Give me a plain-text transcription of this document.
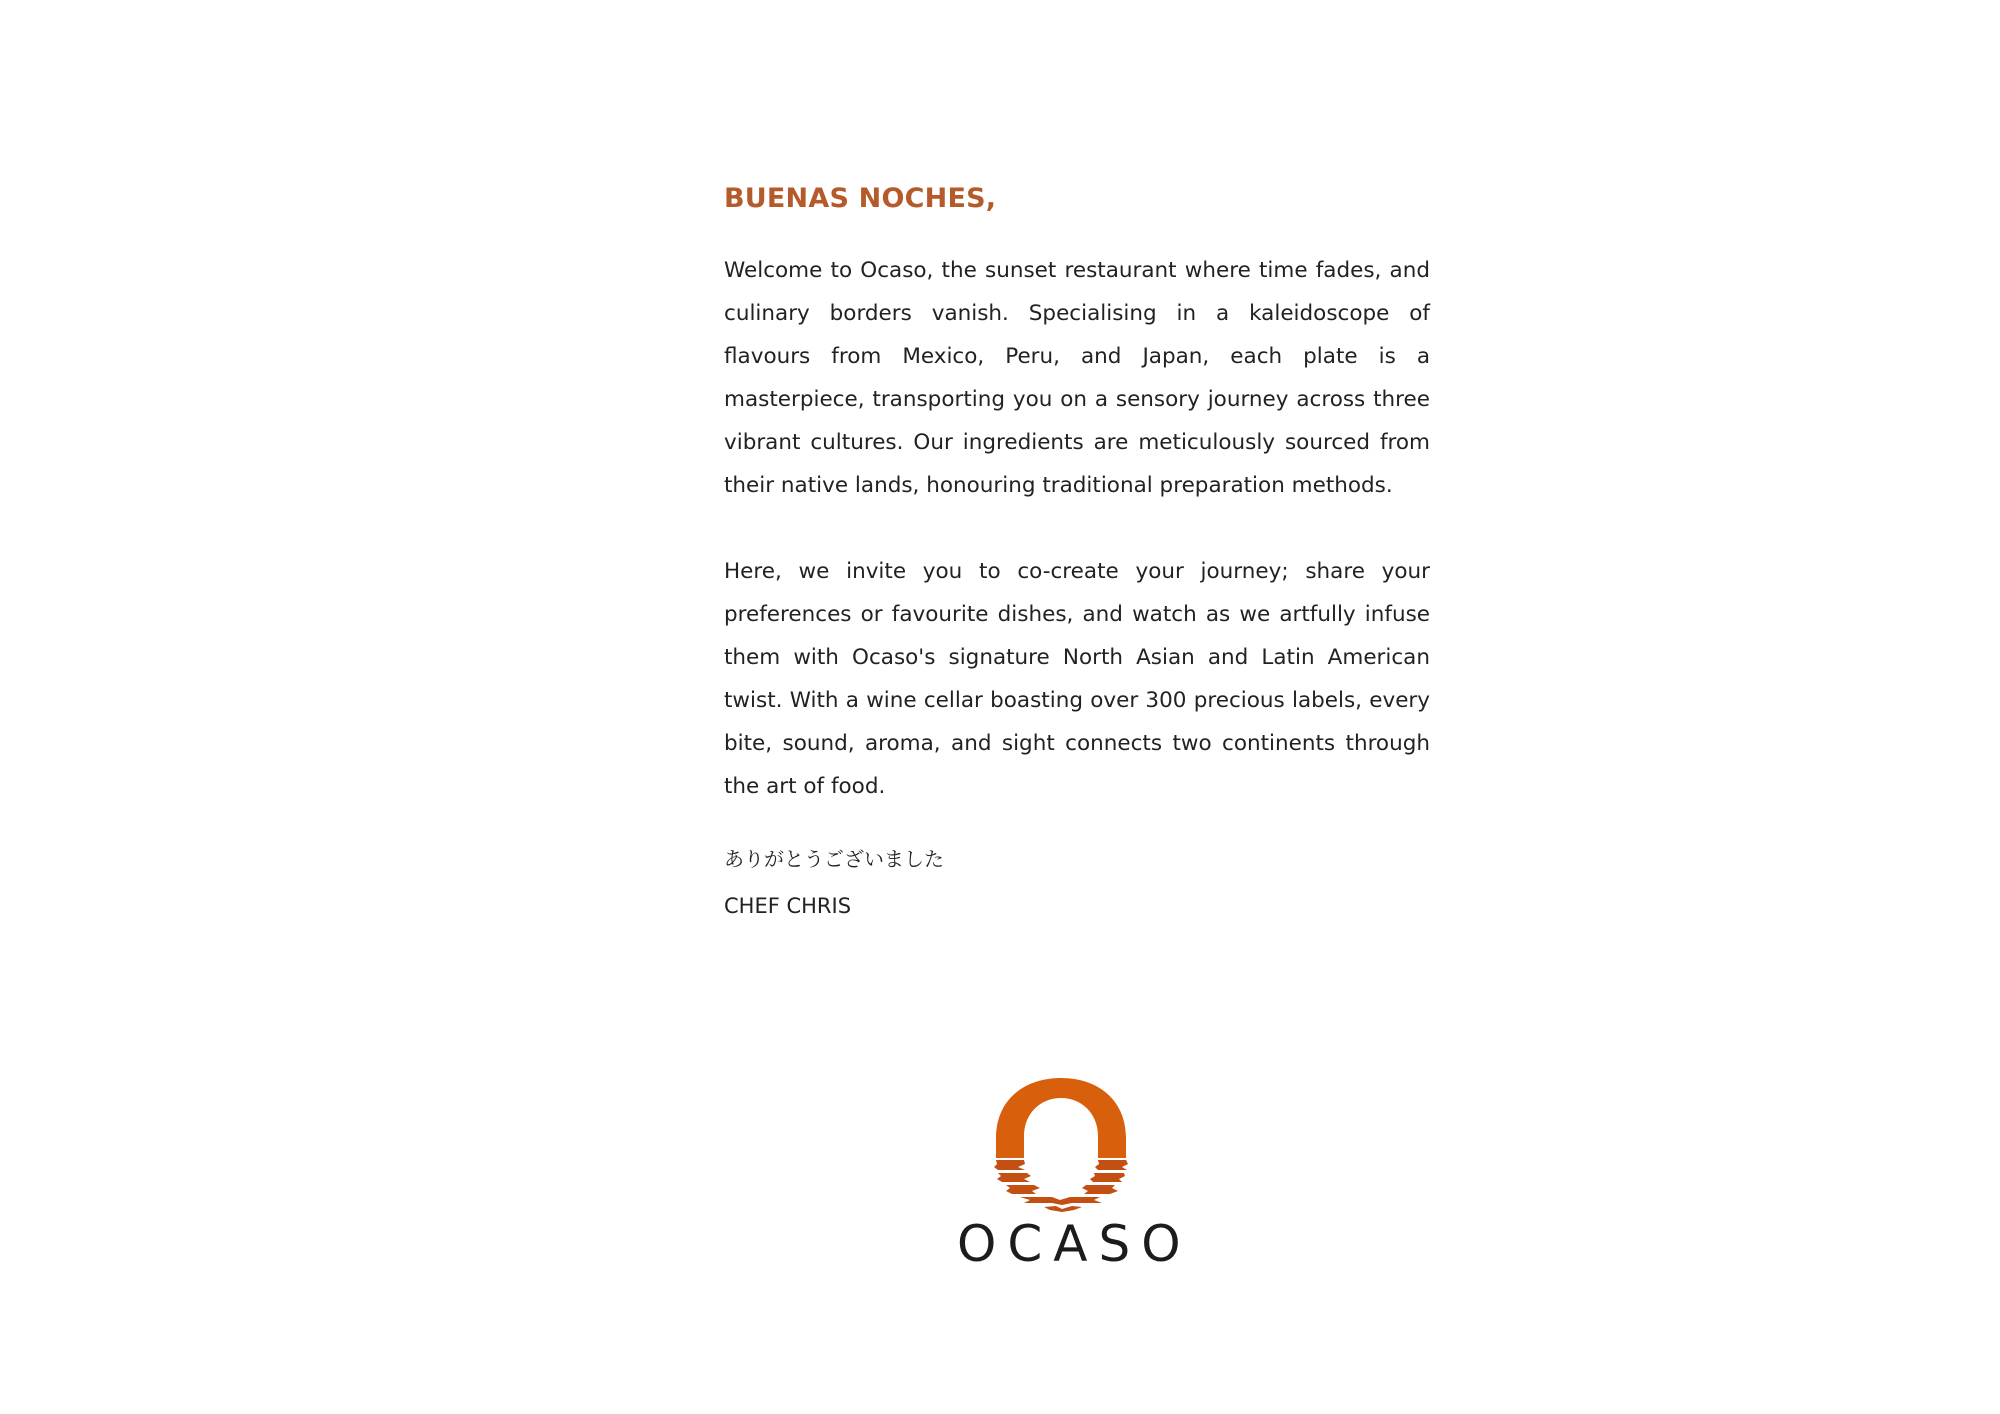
BUENAS NOCHES,

Welcome to Ocaso, the sunset restaurant where time fades, and culinary borders vanish. Specialising in a kaleidoscope of flavours from Mexico, Peru, and Japan, each plate is a masterpiece, transporting you on a sensory journey across three vibrant cultures. Our ingredients are meticulously sourced from their native lands, honouring traditional preparation methods.

Here, we invite you to co-create your journey; share your preferences or favourite dishes, and watch as we artfully infuse them with Ocaso's signature North Asian and Latin American twist. With a wine cellar boasting over 300 precious labels, every bite, sound, aroma, and sight connects two continents through the art of food.

ありがとうございました

CHEF CHRIS

OCASO
